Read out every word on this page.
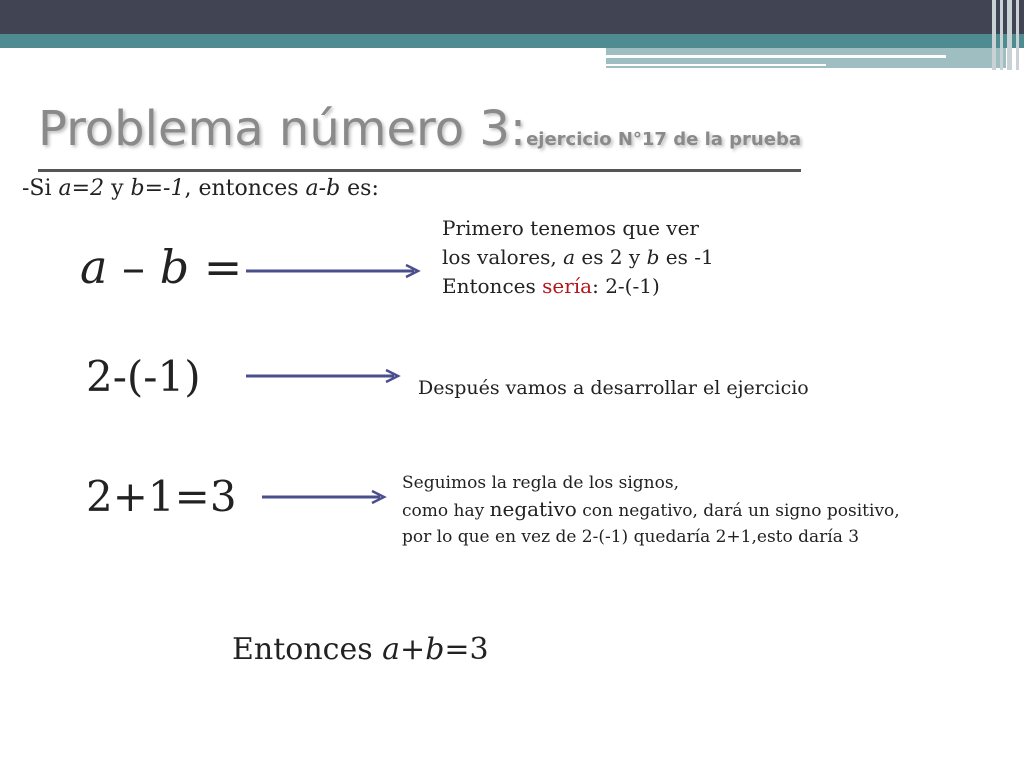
Problema número 3:ejercicio N°17 de la prueba
-Si a=2 y b=-1, entonces a-b es:
a – b =
Primero tenemos que ver
los valores, a es 2 y b es -1
Entonces sería: 2-(-1)
2-(-1)	Después vamos a desarrollar el ejercicio
2+1=3	Seguimos la regla de los signos,
como hay negativo con negativo, dará un signo positivo,
por lo que en vez de 2-(-1) quedaría 2+1,esto daría 3
Entonces a+b=3
